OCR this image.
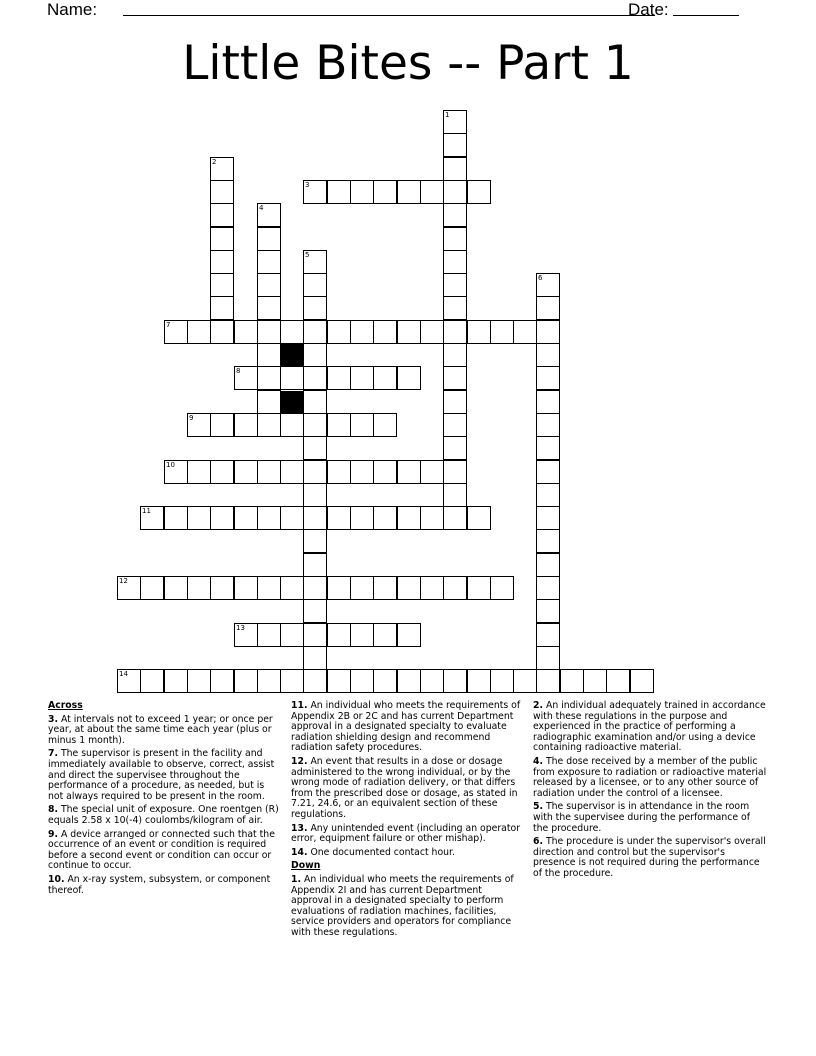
Name:	Date:
Little Bites -- Part 1
1
2
3
4
5
6
7
8
9
10
11
12
13
14
Across
3. At intervals not to exceed 1 year; or once per year, at about the same time each year (plus or minus 1 month).
7. The supervisor is present in the facility and immediately available to observe, correct, assist and direct the supervisee throughout the performance of a procedure, as needed, but is not always required to be present in the room.
8. The special unit of exposure. One roentgen (R) equals 2.58 x 10(-4) coulombs/kilogram of air.
9. A device arranged or connected such that the occurrence of an event or condition is required before a second event or condition can occur or continue to occur.
10. An x-ray system, subsystem, or component thereof.
11. An individual who meets the requirements of Appendix 2B or 2C and has current Department approval in a designated specialty to evaluate radiation shielding design and recommend radiation safety procedures.
12. An event that results in a dose or dosage administered to the wrong individual, or by the wrong mode of radiation delivery, or that differs from the prescribed dose or dosage, as stated in 7.21, 24.6, or an equivalent section of these regulations.
13. Any unintended event (including an operator error, equipment failure or other mishap).
14. One documented contact hour.
Down
1. An individual who meets the requirements of Appendix 2I and has current Department approval in a designated specialty to perform evaluations of radiation machines, facilities, service providers and operators for compliance with these regulations.
2. An individual adequately trained in accordance with these regulations in the purpose and experienced in the practice of performing a radiographic examination and/or using a device containing radioactive material.
4. The dose received by a member of the public from exposure to radiation or radioactive material released by a licensee, or to any other source of radiation under the control of a licensee.
5. The supervisor is in attendance in the room with the supervisee during the performance of the procedure.
6. The procedure is under the supervisor's overall direction and control but the supervisor's presence is not required during the performance of the procedure.
